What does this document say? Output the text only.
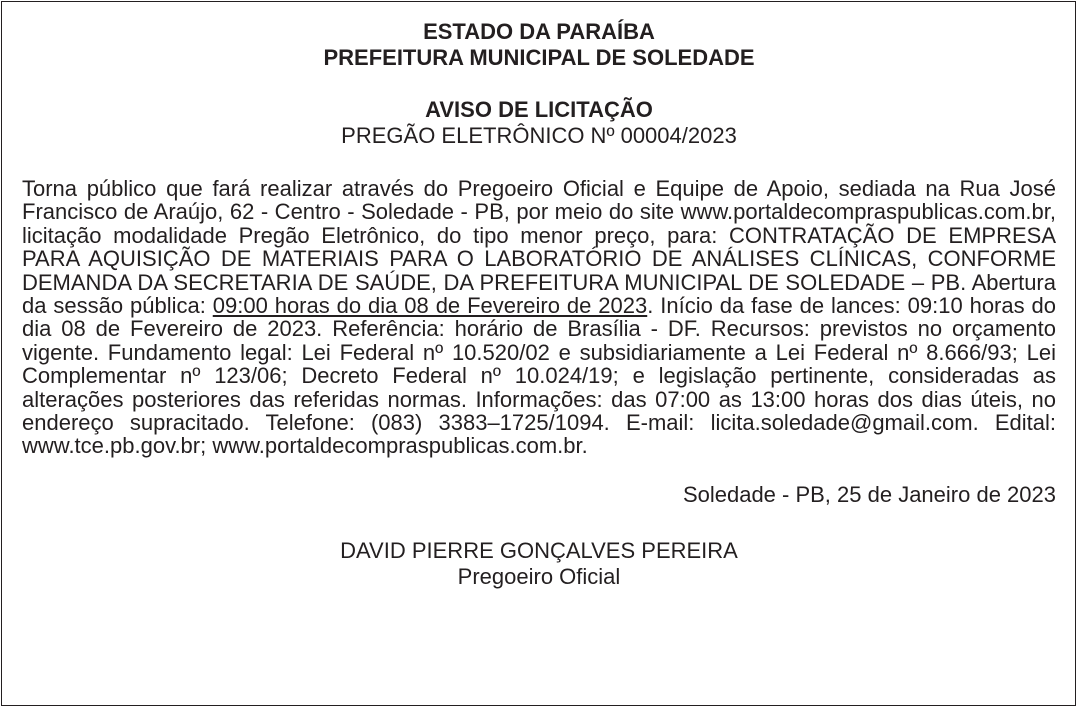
ESTADO DA PARAÍBA
PREFEITURA MUNICIPAL DE SOLEDADE
AVISO DE LICITAÇÃO
PREGÃO ELETRÔNICO Nº 00004/2023
Torna público que fará realizar através do Pregoeiro Oficial e Equipe de Apoio, sediada na Rua José Francisco de Araújo, 62 - Centro - Soledade - PB, por meio do site www.portaldecompraspublicas.com.br, licitação modalidade Pregão Eletrônico, do tipo menor preço, para: CONTRATAÇÃO DE EMPRESA PARA AQUISIÇÃO DE MATERIAIS PARA O LABORATÓRIO DE ANÁLISES CLÍNICAS, CONFORME DEMANDA DA SECRETARIA DE SAÚDE, DA PREFEITURA MUNICIPAL DE SOLEDADE – PB. Abertura da sessão pública: 09:00 horas do dia 08 de Fevereiro de 2023. Início da fase de lances: 09:10 horas do dia 08 de Fevereiro de 2023. Referência: horário de Brasília - DF. Recursos: previstos no orçamento vigente. Fundamento legal: Lei Federal nº 10.520/02 e subsidiariamente a Lei Federal nº 8.666/93; Lei Complementar nº 123/06; Decreto Federal nº 10.024/19; e legislação pertinente, consideradas as alterações posteriores das referidas normas. Informações: das 07:00 as 13:00 horas dos dias úteis, no endereço supracitado. Telefone: (083) 3383–1725/1094. E-mail: licita.soledade@gmail.com. Edital: www.tce.pb.gov.br; www.portaldecompraspublicas.com.br.
Soledade - PB, 25 de Janeiro de 2023
DAVID PIERRE GONÇALVES PEREIRA
Pregoeiro Oficial
